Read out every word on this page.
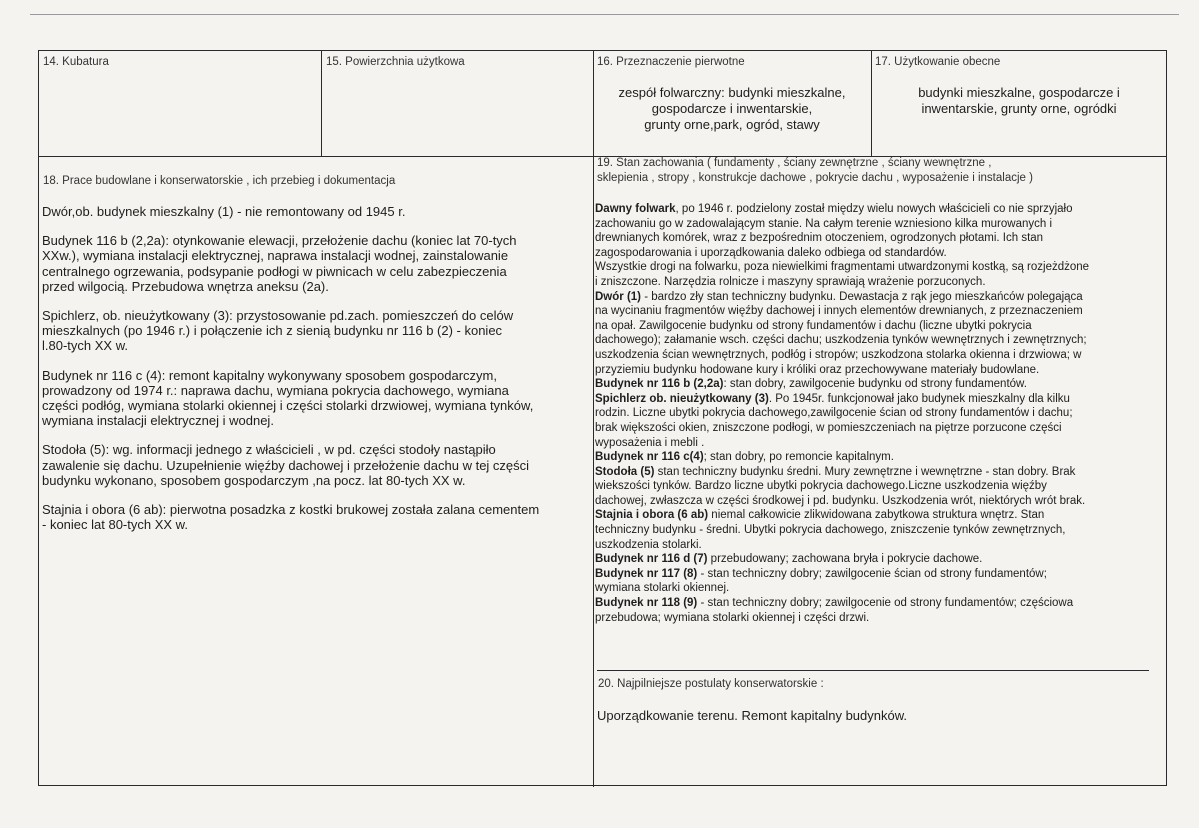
14. Kubatura	15. Powierzchnia użytkowa	16. Przeznaczenie pierwotne
zespół folwarczny: budynki mieszkalne,
gospodarcze i inwentarskie,
grunty orne,park, ogród, stawy
17. Użytkowanie obecne
budynki mieszkalne, gospodarcze i
inwentarskie, grunty orne, ogródki
18. Prace budowlane i konserwatorskie , ich przebieg i dokumentacja

Dwór,ob. budynek mieszkalny (1) - nie remontowany od 1945 r.

Budynek 116 b (2,2a): otynkowanie elewacji, przełożenie dachu (koniec lat 70-tych

XXw.), wymiana instalacji elektrycznej, naprawa instalacji wodnej, zainstalowanie

centralnego ogrzewania, podsypanie podłogi w piwnicach w celu zabezpieczenia

przed wilgocią. Przebudowa wnętrza aneksu (2a).

Spichlerz, ob. nieużytkowany (3): przystosowanie pd.zach. pomieszczeń do celów

mieszkalnych (po 1946 r.) i połączenie ich z sienią budynku nr 116 b (2) - koniec

l.80-tych XX w.

Budynek nr 116 c (4): remont kapitalny wykonywany sposobem gospodarczym,

prowadzony od 1974 r.: naprawa dachu, wymiana pokrycia dachowego, wymiana

części podłóg, wymiana stolarki okiennej i części stolarki drzwiowej, wymiana tynków,

wymiana instalacji elektrycznej i wodnej.

Stodoła (5): wg. informacji jednego z właścicieli , w pd. części stodoły nastąpiło

zawalenie się dachu. Uzupełnienie więźby dachowej i przełożenie dachu w tej części

budynku wykonano, sposobem gospodarczym ,na pocz. lat 80-tych XX w.

Stajnia i obora (6 ab): pierwotna posadzka z kostki brukowej została zalana cementem

- koniec lat 80-tych XX w.

19. Stan zachowania ( fundamenty , ściany zewnętrzne , ściany wewnętrzne ,
sklepienia , stropy , konstrukcje dachowe , pokrycie dachu , wyposażenie i instalacje )

Dawny folwark, po 1946 r. podzielony został między wielu nowych właścicieli co nie sprzyjało

zachowaniu go w zadowalającym stanie. Na całym terenie wzniesiono kilka murowanych i

drewnianych komórek, wraz z bezpośrednim otoczeniem, ogrodzonych płotami. Ich stan

zagospodarowania i uporządkowania daleko odbiega od standardów.

Wszystkie drogi na folwarku, poza niewielkimi fragmentami utwardzonymi kostką, są rozjeżdżone

i zniszczone. Narzędzia rolnicze i maszyny sprawiają wrażenie porzuconych.

Dwór (1) - bardzo zły stan techniczny budynku. Dewastacja z rąk jego mieszkańców polegająca

na wycinaniu fragmentów więźby dachowej i innych elementów drewnianych, z przeznaczeniem

na opał. Zawilgocenie budynku od strony fundamentów i dachu (liczne ubytki pokrycia

dachowego); załamanie wsch. części dachu; uszkodzenia tynków wewnętrznych i zewnętrznych;

uszkodzenia ścian wewnętrznych, podłóg i stropów; uszkodzona stolarka okienna i drzwiowa; w

przyziemiu budynku hodowane kury i króliki oraz przechowywane materiały budowlane.

Budynek nr 116 b (2,2a): stan dobry, zawilgocenie budynku od strony fundamentów.

Spichlerz ob. nieużytkowany (3). Po 1945r. funkcjonował jako budynek mieszkalny dla kilku

rodzin. Liczne ubytki pokrycia dachowego,zawilgocenie ścian od strony fundamentów i dachu;

brak większości okien, zniszczone podłogi, w pomieszczeniach na piętrze porzucone części

wyposażenia i mebli .

Budynek nr 116 c(4); stan dobry, po remoncie kapitalnym.

Stodoła (5) stan techniczny budynku średni. Mury zewnętrzne i wewnętrzne - stan dobry. Brak

wiekszości tynków. Bardzo liczne ubytki pokrycia dachowego.Liczne uszkodzenia więźby

dachowej, zwłaszcza w części środkowej i pd. budynku. Uszkodzenia wrót, niektórych wrót brak.

Stajnia i obora (6 ab) niemal całkowicie zlikwidowana zabytkowa struktura wnętrz. Stan

techniczny budynku - średni. Ubytki pokrycia dachowego, zniszczenie tynków zewnętrznych,

uszkodzenia stolarki.

Budynek nr 116 d (7) przebudowany; zachowana bryła i pokrycie dachowe.

Budynek nr 117 (8) - stan techniczny dobry; zawilgocenie ścian od strony fundamentów;

wymiana stolarki okiennej.

Budynek nr 118 (9) - stan techniczny dobry; zawilgocenie od strony fundamentów; częściowa

przebudowa; wymiana stolarki okiennej i części drzwi.

20. Najpilniejsze postulaty konserwatorskie :
Uporządkowanie terenu. Remont kapitalny budynków.
